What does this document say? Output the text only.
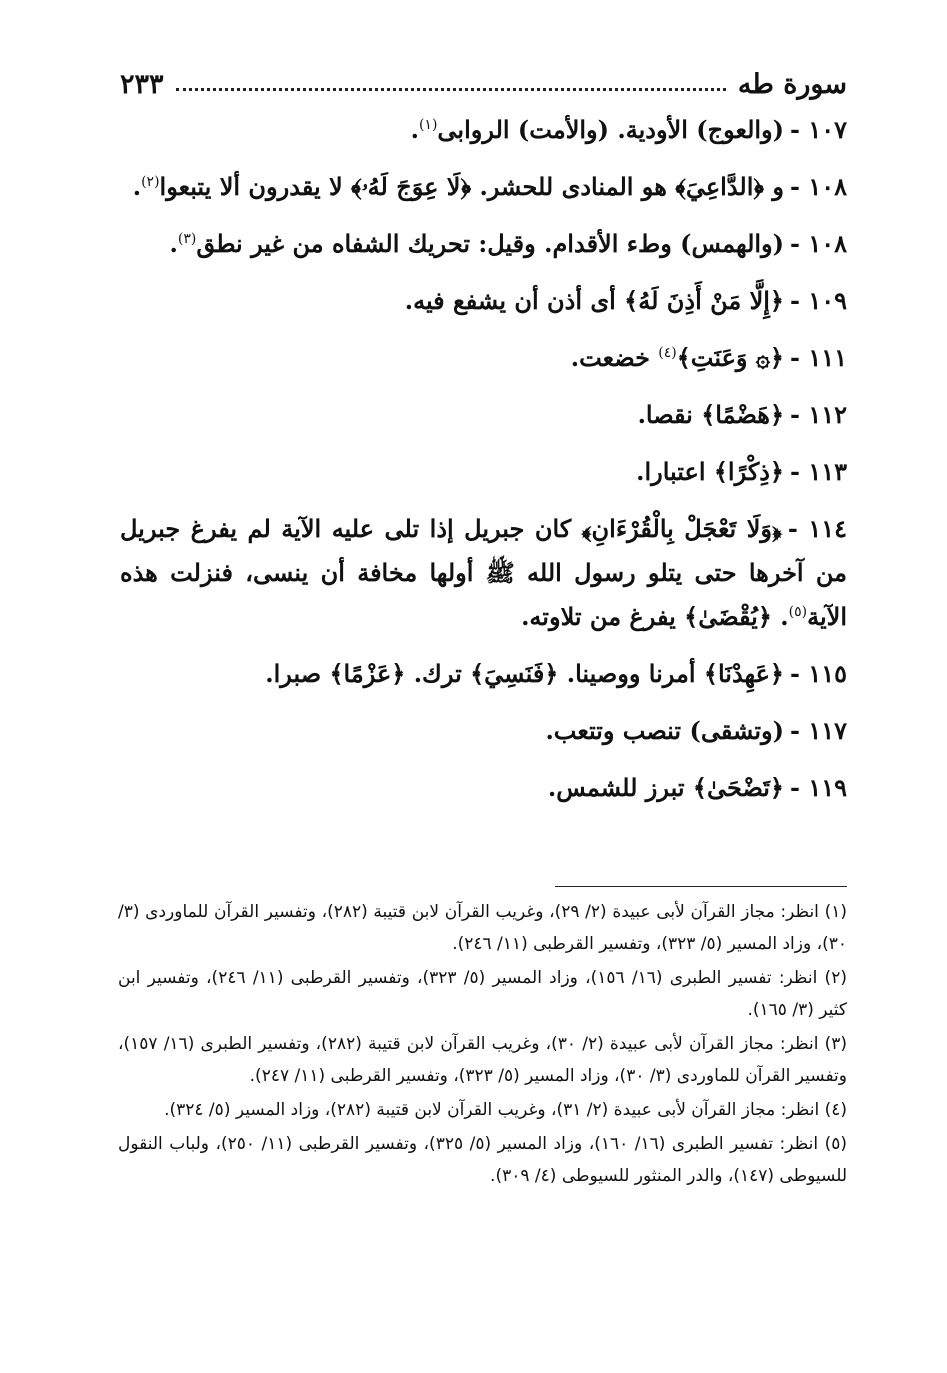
سورة طه
٢٣٣
١٠٧ -(والعوج) الأودية. (والأمت) الروابى$^{(١)}$.
١٠٨ -و ﴿الدَّاعِيَ﴾ هو المنادى للحشر. ﴿لَا عِوَجَ لَهُۥ﴾ لا يقدرون ألا يتبعوا$^{(٢)}$.
١٠٨ -(والهمس) وطء الأقدام. وقيل: تحريك الشفاه من غير نطق$^{(٣)}$.
١٠٩ -﴿إِلَّا مَنْ أَذِنَ لَهُ﴾ أى أذن أن يشفع فيه.
١١١ -﴿۞ وَعَنَتِ﴾$^{(٤)}$ خضعت.
١١٢ -﴿هَضْمًا﴾ نقصا.
١١٣ -﴿ذِكْرًا﴾ اعتبارا.
١١٤ -﴿وَلَا تَعْجَلْ بِالْقُرْءَانِ﴾ كان جبريل إذا تلى عليه الآية لم يفرغ جبريل من آخرها حتى يتلو رسول الله ﷺ أولها مخافة أن ينسى، فنزلت هذه الآية$^{(٥)}$. ﴿يُقْضَىٰ﴾ يفرغ من تلاوته.
١١٥ -﴿عَهِدْنَا﴾ أمرنا ووصينا. ﴿فَنَسِيَ﴾ ترك. ﴿عَزْمًا﴾ صبرا.
١١٧ -(وتشقى) تنصب وتتعب.
١١٩ -﴿تَضْحَىٰ﴾ تبرز للشمس.
(١) انظر: مجاز القرآن لأبى عبيدة (٢/ ٢٩)، وغريب القرآن لابن قتيبة (٢٨٢)، وتفسير القرآن للماوردى (٣/ ٣٠)، وزاد المسير (٥/ ٣٢٣)، وتفسير القرطبى (١١/ ٢٤٦).
(٢) انظر: تفسير الطبرى (١٦/ ١٥٦)، وزاد المسير (٥/ ٣٢٣)، وتفسير القرطبى (١١/ ٢٤٦)، وتفسير ابن كثير (٣/ ١٦٥).
(٣) انظر: مجاز القرآن لأبى عبيدة (٢/ ٣٠)، وغريب القرآن لابن قتيبة (٢٨٢)، وتفسير الطبرى (١٦/ ١٥٧)، وتفسير القرآن للماوردى (٣/ ٣٠)، وزاد المسير (٥/ ٣٢٣)، وتفسير القرطبى (١١/ ٢٤٧).
(٤) انظر: مجاز القرآن لأبى عبيدة (٢/ ٣١)، وغريب القرآن لابن قتيبة (٢٨٢)، وزاد المسير (٥/ ٣٢٤).
(٥) انظر: تفسير الطبرى (١٦/ ١٦٠)، وزاد المسير (٥/ ٣٢٥)، وتفسير القرطبى (١١/ ٢٥٠)، ولباب النقول للسيوطى (١٤٧)، والدر المنثور للسيوطى (٤/ ٣٠٩).
